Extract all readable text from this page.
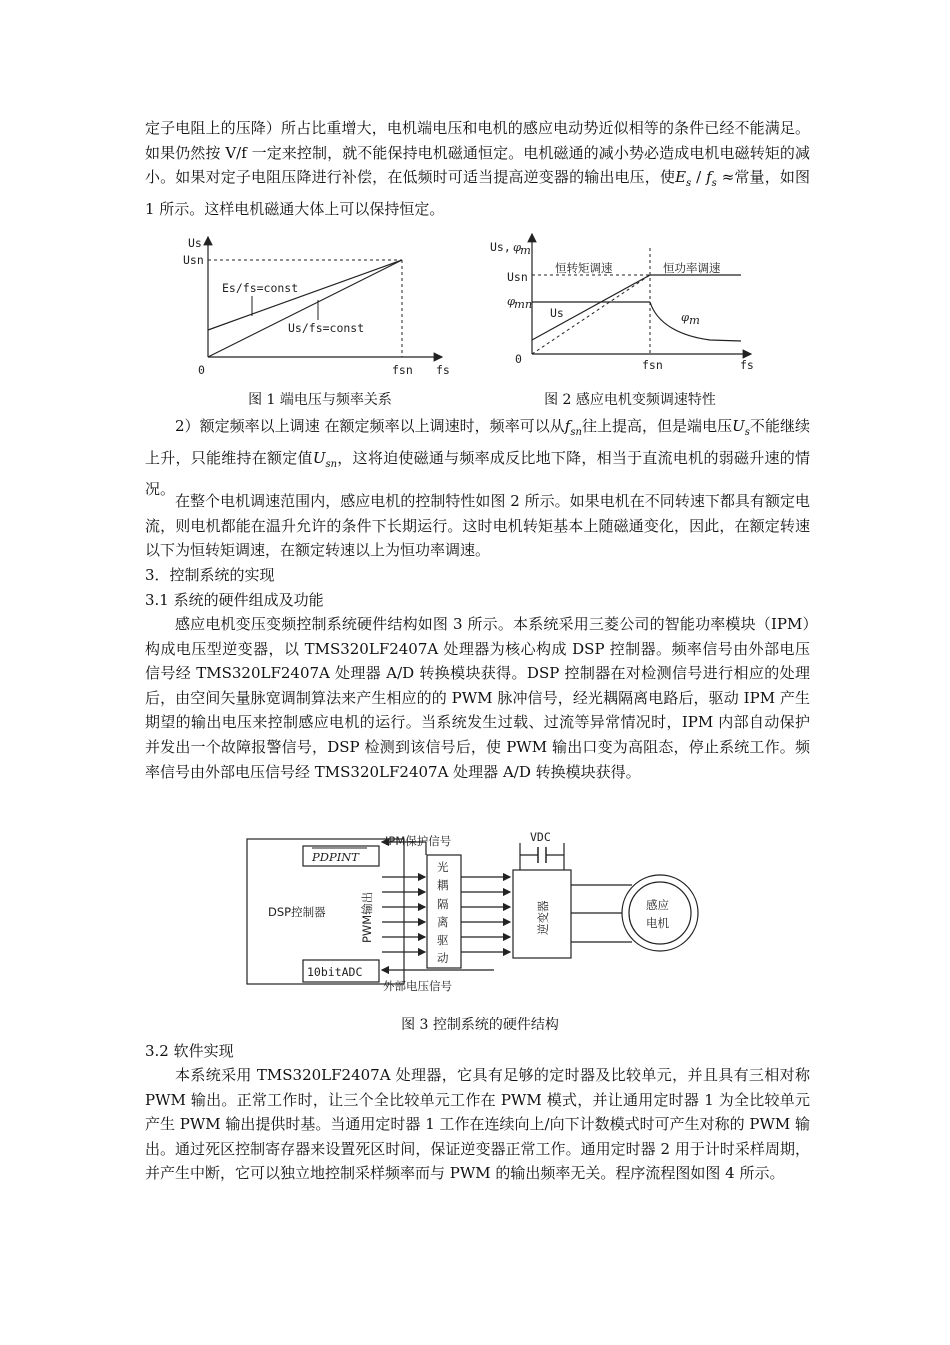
定子电阻上的压降）所占比重增大，电机端电压和电机的感应电动势近似相等的条件已经不能满足。如果仍然按 V/f 一定来控制，就不能保持电机磁通恒定。电机磁通的减小势必造成电机电磁转矩的减小。如果对定子电阻压降进行补偿，在低频时可适当提高逆变器的输出电压，使$E_s / f_s$ ≈常量，如图 1 所示。这样电机磁通大体上可以保持恒定。

Us
Usn
Es/fs=const
Us/fs=const
0	fsn fs
图 1 端电压与频率关系
Us, φ
m
Usn
φ
mn
恒转矩调速	恒功率调速
Us	φ m
0	fsn	fs
图 2 感应电机变频调速特性

2）额定频率以上调速 在额定频率以上调速时，频率可以从$f_{sn}$往上提高，但是端电压$U_s$不能继续上升，只能维持在额定值$U_{sn}$，这将迫使磁通与频率成反比地下降，相当于直流电机的弱磁升速的情况。

在整个电机调速范围内，感应电机的控制特性如图 2 所示。如果电机在不同转速下都具有额定电流，则电机都能在温升允许的条件下长期运行。这时电机转矩基本上随磁通变化，因此，在额定转速以下为恒转矩调速，在额定转速以上为恒功率调速。

3．控制系统的实现
3.1 系统的硬件组成及功能

感应电机变压变频控制系统硬件结构如图 3 所示。本系统采用三菱公司的智能功率模块（IPM）构成电压型逆变器，以 TMS320LF2407A 处理器为核心构成 DSP 控制器。频率信号由外部电压信号经 TMS320LF2407A 处理器 A/D 转换模块获得。DSP 控制器在对检测信号进行相应的处理后，由空间矢量脉宽调制算法来产生相应的的 PWM 脉冲信号，经光耦隔离电路后，驱动 IPM 产生期望的输出电压来控制感应电机的运行。当系统发生过载、过流等异常情况时，IPM 内部自动保护并发出一个故障报警信号，DSP 检测到该信号后，使 PWM 输出口变为高阻态，停止系统工作。频率信号由外部电压信号经 TMS320LF2407A 处理器 A/D 转换模块获得。

DSP控制器
PDPINT
PWM输出
10bitADC
IPM保护信号
光
耦
隔
离
驱
动
外部电压信号
逆变器
VDC
感应
电机
图 3 控制系统的硬件结构
3.2 软件实现

本系统采用 TMS320LF2407A 处理器，它具有足够的定时器及比较单元，并且具有三相对称 PWM 输出。正常工作时，让三个全比较单元工作在 PWM 模式，并让通用定时器 1 为全比较单元产生 PWM 输出提供时基。当通用定时器 1 工作在连续向上/向下计数模式时可产生对称的 PWM 输出。通过死区控制寄存器来设置死区时间，保证逆变器正常工作。通用定时器 2 用于计时采样周期，并产生中断，它可以独立地控制采样频率而与 PWM 的输出频率无关。程序流程图如图 4 所示。
